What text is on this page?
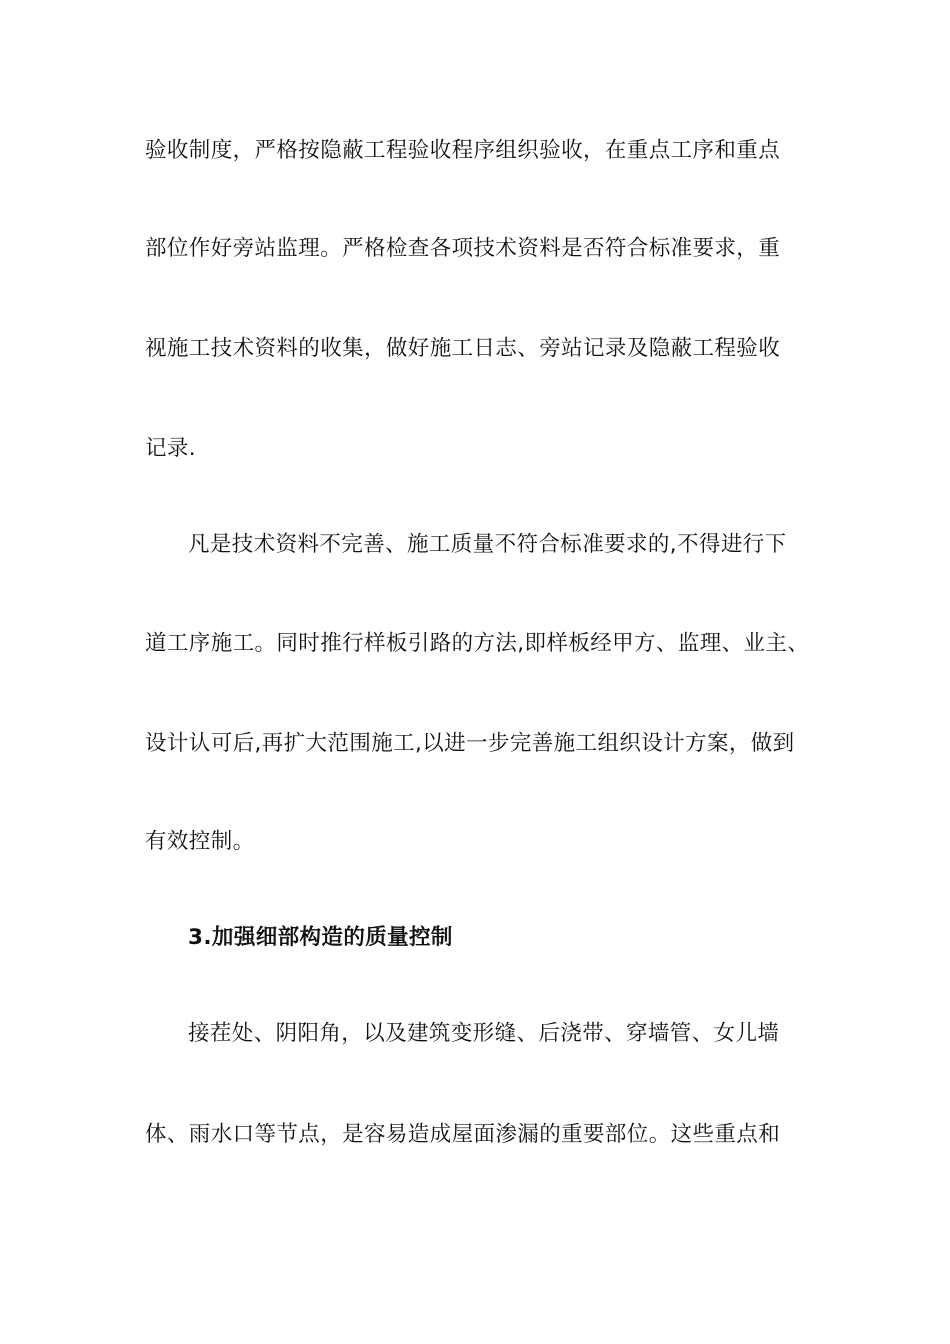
验收制度，严格按隐蔽工程验收程序组织验收，在重点工序和重点
部位作好旁站监理。严格检查各项技术资料是否符合标准要求，重
视施工技术资料的收集，做好施工日志、旁站记录及隐蔽工程验收
记录.
凡是技术资料不完善、施工质量不符合标准要求的,不得进行下
道工序施工。同时推行样板引路的方法,即样板经甲方、监理、业主、
设计认可后,再扩大范围施工,以进一步完善施工组织设计方案，做到
有效控制。
3.加强细部构造的质量控制
接茬处、阴阳角，以及建筑变形缝、后浇带、穿墙管、女儿墙
体、雨水口等节点，是容易造成屋面渗漏的重要部位。这些重点和
